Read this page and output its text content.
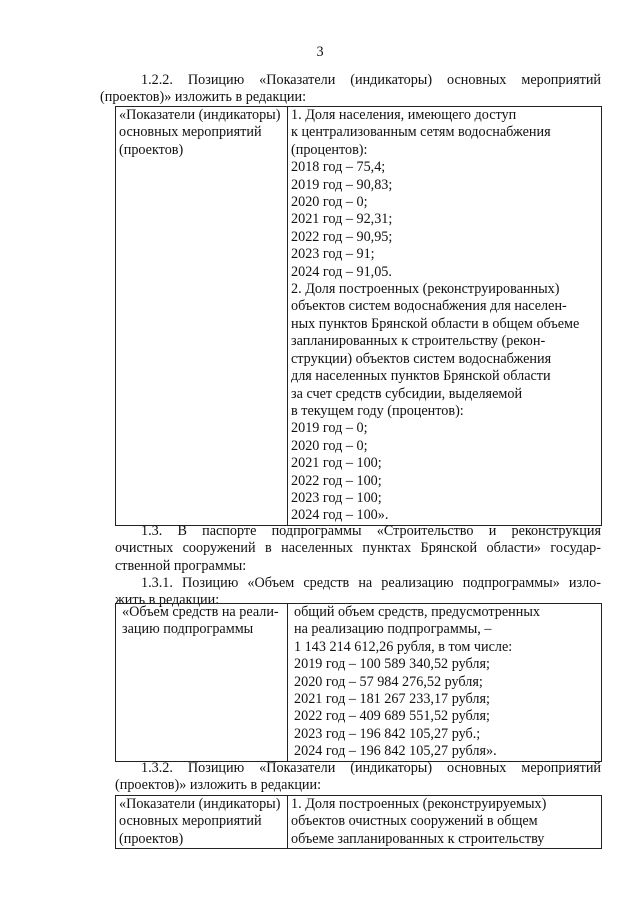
3
1.2.2. Позицию «Показатели (индикаторы) основных мероприятий
(проектов)» изложить в редакции:
«Показатели (индикаторы)
основных мероприятий
(проектов)

1. Доля населения, имеющего доступ
к централизованным сетям водоснабжения
(процентов):
2018 год – 75,4;
2019 год – 90,83;
2020 год – 0;
2021 год – 92,31;
2022 год – 90,95;
2023 год – 91;
2024 год – 91,05.
2. Доля построенных (реконструированных)
объектов систем водоснабжения для населен-
ных пунктов Брянской области в общем объеме
запланированных к строительству (рекон-
струкции) объектов систем водоснабжения
для населенных пунктов Брянской области
за счет средств субсидии, выделяемой
в текущем году (процентов):
2019 год – 0;
2020 год – 0;
2021 год – 100;
2022 год – 100;
2023 год – 100;
2024 год – 100».
1.3. В паспорте подпрограммы «Строительство и реконструкция
очистных сооружений в населенных пунктах Брянской области» государ-
ственной программы:
1.3.1. Позицию «Объем средств на реализацию подпрограммы» изло-
жить в редакции:
«Объем средств на реали-
зацию подпрограммы

общий объем средств, предусмотренных
на реализацию подпрограммы, –
1 143 214 612,26 рубля, в том числе:
2019 год – 100 589 340,52 рубля;
2020 год – 57 984 276,52 рубля;
2021 год – 181 267 233,17 рубля;
2022 год – 409 689 551,52 рубля;
2023 год – 196 842 105,27 руб.;
2024 год – 196 842 105,27 рубля».
1.3.2. Позицию «Показатели (индикаторы) основных мероприятий
(проектов)» изложить в редакции:
«Показатели (индикаторы)
основных мероприятий
(проектов)

1. Доля построенных (реконструируемых)
объектов очистных сооружений в общем
объеме запланированных к строительству
